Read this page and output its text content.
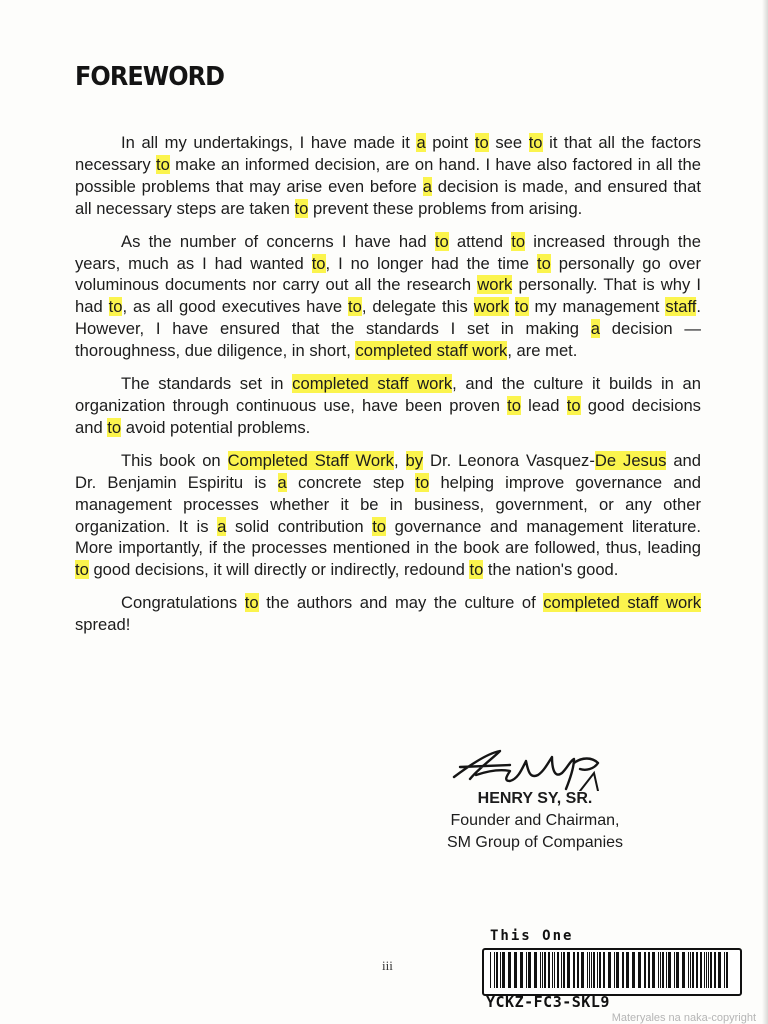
FOREWORD

In all my undertakings, I have made it a point to see to it that all the factors necessary to make an informed decision, are on hand. I have also factored in all the possible problems that may arise even before a decision is made, and ensured that all necessary steps are taken to prevent these problems from arising.

As the number of concerns I have had to attend to increased through the years, much as I had wanted to, I no longer had the time to personally go over voluminous documents nor carry out all the research work personally. That is why I had to, as all good executives have to, delegate this work to my management staff. However, I have ensured that the standards I set in making a decision — thoroughness, due diligence, in short, completed staff work, are met.

The standards set in completed staff work, and the culture it builds in an organization through continuous use, have been proven to lead to good decisions and to avoid potential problems.

This book on Completed Staff Work, by Dr. Leonora Vasquez-De Jesus and Dr. Benjamin Espiritu is a concrete step to helping improve governance and management processes whether it be in business, government, or any other organization. It is a solid contribution to governance and management literature. More importantly, if the processes mentioned in the book are followed, thus, leading to good decisions, it will directly or indirectly, redound to the nation's good.

Congratulations to the authors and may the culture of completed staff work spread!

HENRY SY, SR.
Founder and Chairman,
SM Group of Companies
iii
This One
YCKZ-FC3-SKL9
Materyales na naka-copyright
